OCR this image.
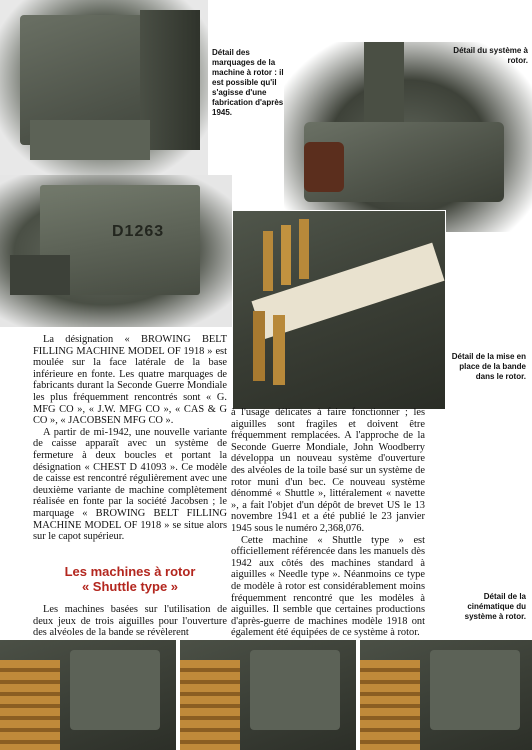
D1263
Détail des marquages de la machine à rotor : il est possible qu'il s'agisse d'une fabrication d'après 1945.
Détail du système à rotor.
Détail de la mise en place de la bande dans le rotor.

La désignation « BROWING BELT FILLING MACHINE MODEL OF 1918 » est moulée sur la face latérale de la base inférieure en fonte. Les quatre marquages de fabricants durant la Seconde Guerre Mondiale les plus fréquemment rencontrés sont « G. MFG CO », « J.W. MFG CO », « CAS & G CO », « JACOBSEN MFG CO ».

A partir de mi-1942, une nouvelle variante de caisse apparaît avec un système de fermeture à deux boucles et portant la désignation « CHEST D 41093 ». Ce modèle de caisse est rencontré régulièrement avec une deuxième variante de machine complètement réalisée en fonte par la société Jacobsen ; le marquage « BROWING BELT FILLING MACHINE MODEL OF 1918 » se situe alors sur le capot supérieur.

Les machines à rotor
« Shuttle type »

Les machines basées sur l'utilisation de deux jeux de trois aiguilles pour l'ouverture des alvéoles de la bande se révèlerent

à l'usage délicates à faire fonctionner ; les aiguilles sont fragiles et doivent être fréquemment remplacées. A l'approche de la Seconde Guerre Mondiale, John Woodberry développa un nouveau système d'ouverture des alvéoles de la toile basé sur un système de rotor muni d'un bec. Ce nouveau système dénommé « Shuttle », littéralement « navette », a fait l'objet d'un dépôt de brevet US le 13 novembre 1941 et a été publié le 23 janvier 1945 sous le numéro 2,368,076.

Cette machine « Shuttle type » est officiellement référencée dans les manuels dès 1942 aux côtés des machines standard à aiguilles « Needle type ». Néanmoins ce type de modèle à rotor est considérablement moins fréquemment rencontré que les modèles à aiguilles. Il semble que certaines productions d'après-guerre de machines modèle 1918 ont également été équipées de ce système à rotor.

Détail de la cinématique du système à rotor.
